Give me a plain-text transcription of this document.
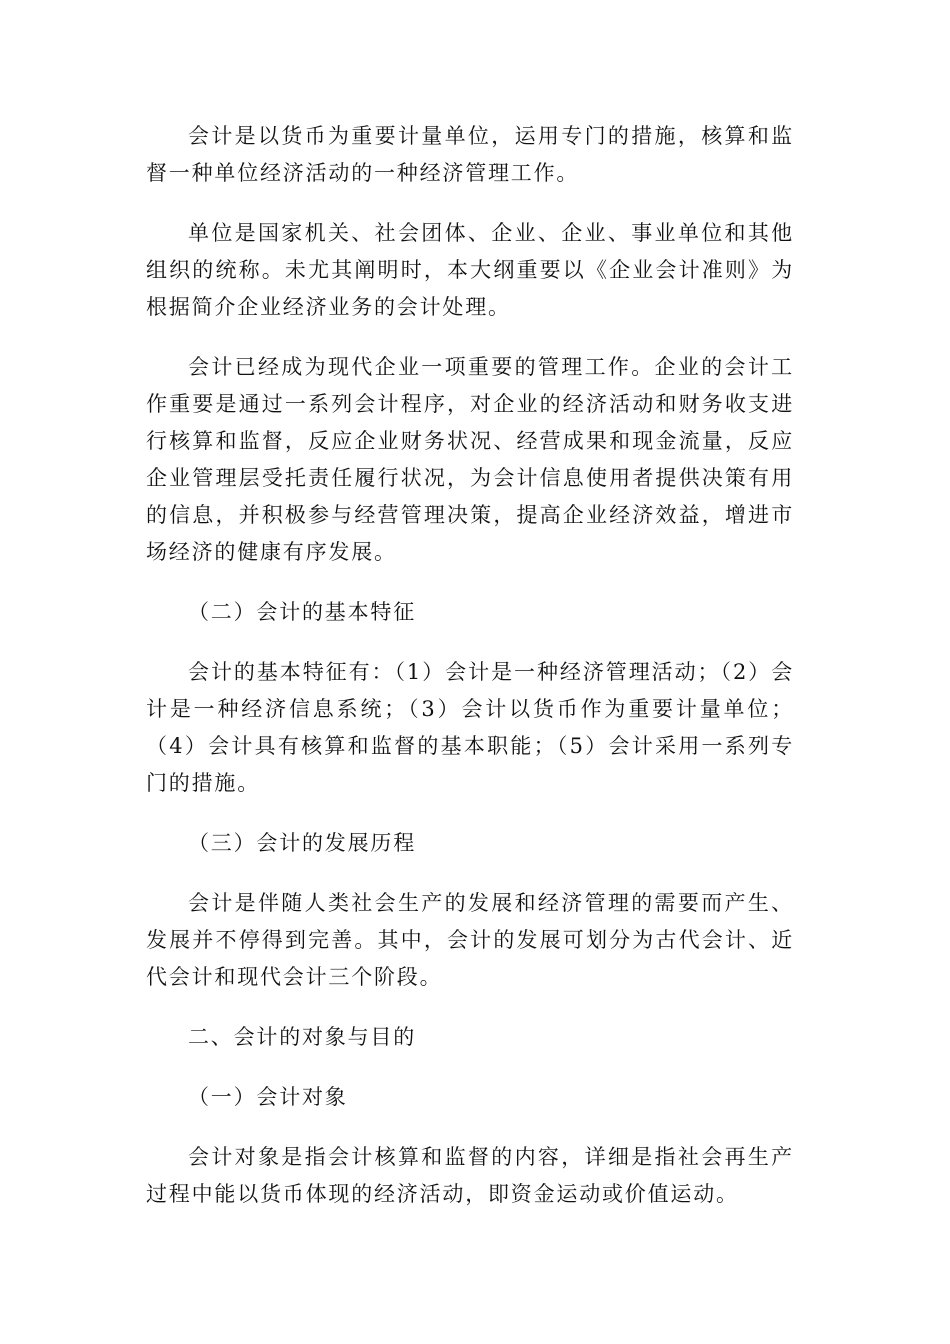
会计是以货币为重要计量单位，运用专门的措施，核算和监督一种单位经济活动的一种经济管理工作。

单位是国家机关、社会团体、企业、企业、事业单位和其他组织的统称。未尤其阐明时，本大纲重要以《企业会计准则》为根据简介企业经济业务的会计处理。

会计已经成为现代企业一项重要的管理工作。企业的会计工作重要是通过一系列会计程序，对企业的经济活动和财务收支进行核算和监督，反应企业财务状况、经营成果和现金流量，反应企业管理层受托责任履行状况，为会计信息使用者提供决策有用的信息，并积极参与经营管理决策，提高企业经济效益，增进市场经济的健康有序发展。

（二）会计的基本特征

会计的基本特征有：（1）会计是一种经济管理活动；（2）会计是一种经济信息系统；（3）会计以货币作为重要计量单位；（4）会计具有核算和监督的基本职能；（5）会计采用一系列专门的措施。

（三）会计的发展历程

会计是伴随人类社会生产的发展和经济管理的需要而产生、发展并不停得到完善。其中，会计的发展可划分为古代会计、近代会计和现代会计三个阶段。

二、会计的对象与目的

（一）会计对象

会计对象是指会计核算和监督的内容，详细是指社会再生产过程中能以货币体现的经济活动，即资金运动或价值运动。
